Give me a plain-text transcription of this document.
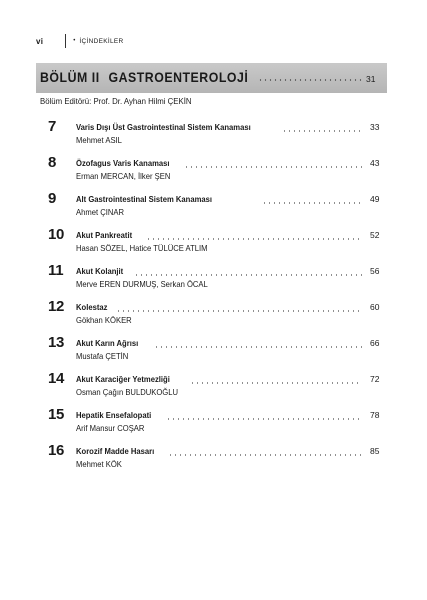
vi	• İÇİNDEKİLER
BÖLÜM II GASTROENTEROLOJİ	31
Bölüm Editörü: Prof. Dr. Ayhan Hilmi ÇEKİN
7	Varis Dışı Üst Gastrointestinal Sistem Kanaması	33
Mehmet ASIL
8	Özofagus Varis Kanaması	43
Erman MERCAN, İlker ŞEN
9	Alt Gastrointestinal Sistem Kanaması	49
Ahmet ÇINAR
10	Akut Pankreatit	52
Hasan SÖZEL, Hatice TÜLÜCE ATLIM
11	Akut Kolanjit	56
Merve EREN DURMUŞ, Serkan ÖCAL
12	Kolestaz	60
Gökhan KÖKER
13	Akut Karın Ağrısı	66
Mustafa ÇETİN
14	Akut Karaciğer Yetmezliği	72
Osman Çağın BULDUKOĞLU
15	Hepatik Ensefalopati	78
Arif Mansur COŞAR
16	Korozif Madde Hasarı	85
Mehmet KÖK
